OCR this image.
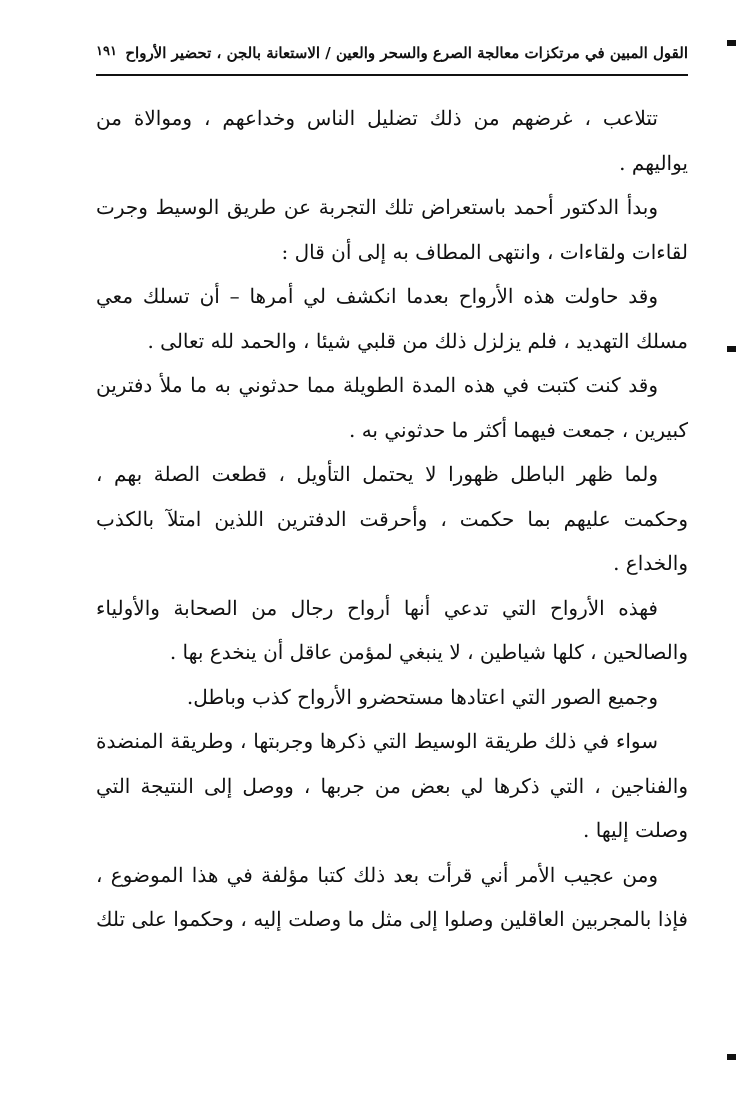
القول المبين في مرتكزات معالجة الصرع والسحر والعين / الاستعانة بالجن ، تحضير الأرواح
١٩١

تتلاعب ، غرضهم من ذلك تضليل الناس وخداعهم ، وموالاة من يواليهم .

وبدأ الدكتور أحمد باستعراض تلك التجربة عن طريق الوسيط وجرت لقاءات ولقاءات ، وانتهى المطاف به إلى أن قال :

وقد حاولت هذه الأرواح بعدما انكشف لي أمرها – أن تسلك معي مسلك التهديد ، فلم يزلزل ذلك من قلبي شيئا ، والحمد لله تعالى .

وقد كنت كتبت في هذه المدة الطويلة مما حدثوني به ما ملأ دفترين كبيرين ، جمعت فيهما أكثر ما حدثوني به .

ولما ظهر الباطل ظهورا لا يحتمل التأويل ، قطعت الصلة بهم ، وحكمت عليهم بما حكمت ، وأحرقت الدفترين اللذين امتلآ بالكذب والخداع .

فهذه الأرواح التي تدعي أنها أرواح رجال من الصحابة والأولياء والصالحين ، كلها شياطين ، لا ينبغي لمؤمن عاقل أن ينخدع بها .

وجميع الصور التي اعتادها مستحضرو الأرواح كذب وباطل.

سواء في ذلك طريقة الوسيط التي ذكرها وجربتها ، وطريقة المنضدة والفناجين ، التي ذكرها لي بعض من جربها ، ووصل إلى النتيجة التي وصلت إليها .

ومن عجيب الأمر أني قرأت بعد ذلك كتبا مؤلفة في هذا الموضوع ، فإذا بالمجربين العاقلين وصلوا إلى مثل ما وصلت إليه ، وحكموا على تلك
